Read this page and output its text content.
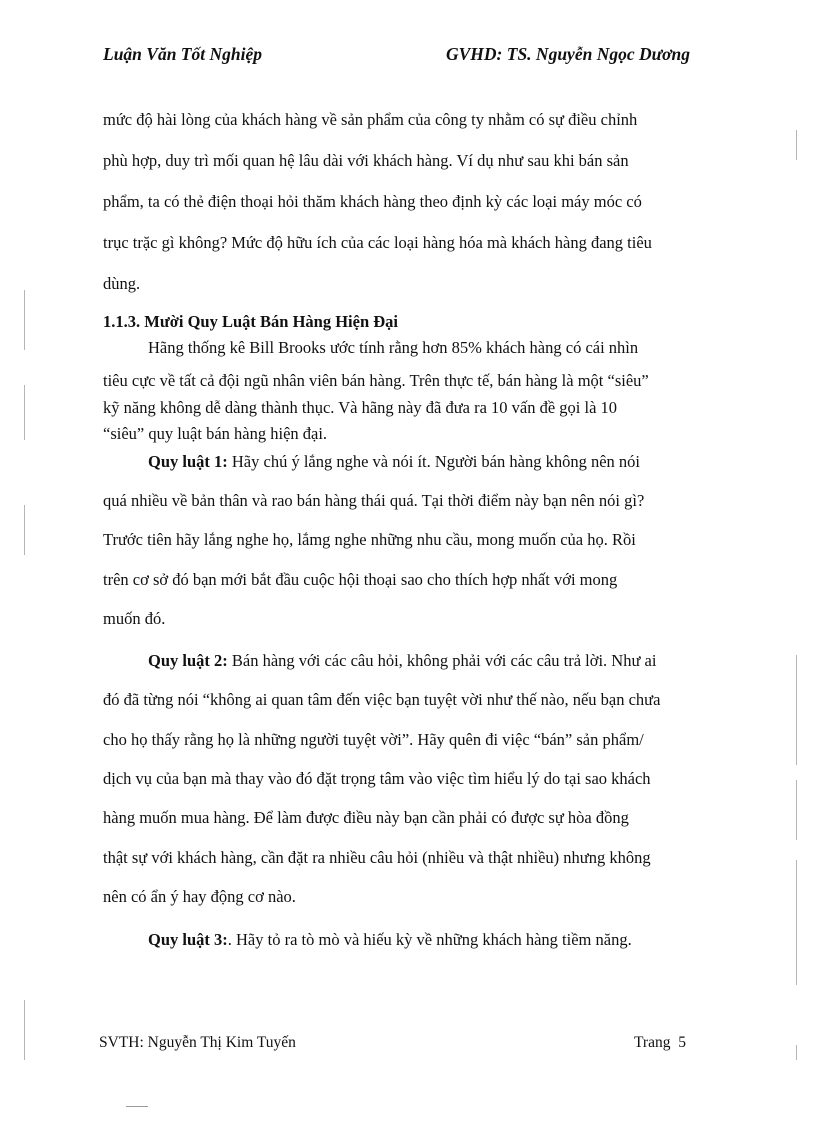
Luận Văn Tốt Nghiệp	GVHD: TS. Nguyễn Ngọc Dương
mức độ hài lòng của khách hàng về sản phẩm của công ty nhằm có sự điều chỉnh
phù hợp, duy trì mối quan hệ lâu dài với khách hàng. Ví dụ như sau khi bán sản
phẩm, ta có thẻ điện thoại hỏi thăm khách hàng theo định kỳ các loại máy móc có
trục trặc gì không? Mức độ hữu ích của các loại hàng hóa mà khách hàng đang tiêu
dùng.
1.1.3. Mười Quy Luật Bán Hàng Hiện Đại
Hãng thống kê Bill Brooks ước tính rằng hơn 85% khách hàng có cái nhìn
tiêu cực về tất cả đội ngũ nhân viên bán hàng. Trên thực tế, bán hàng là một “siêu”
kỹ năng không dễ dàng thành thục. Và hãng này đã đưa ra 10 vấn đề gọi là 10
“siêu” quy luật bán hàng hiện đại.
Quy luật 1: Hãy chú ý lắng nghe và nói ít. Người bán hàng không nên nói
quá nhiều về bản thân và rao bán hàng thái quá. Tại thời điểm này bạn nên nói gì?
Trước tiên hãy lắng nghe họ, lắmg nghe những nhu cầu, mong muốn của họ. Rồi
trên cơ sở đó bạn mới bắt đầu cuộc hội thoại sao cho thích hợp nhất với mong
muốn đó.
Quy luật 2: Bán hàng với các câu hỏi, không phải với các câu trả lời. Như ai
đó đã từng nói “không ai quan tâm đến việc bạn tuyệt vời như thế nào, nếu bạn chưa
cho họ thấy rằng họ là những người tuyệt vời”. Hãy quên đi việc “bán” sản phẩm/
dịch vụ của bạn mà thay vào đó đặt trọng tâm vào việc tìm hiểu lý do tại sao khách
hàng muốn mua hàng. Để làm được điều này bạn cần phải có được sự hòa đồng
thật sự với khách hàng, cần đặt ra nhiều câu hỏi (nhiều và thật nhiều) nhưng không
nên có ẩn ý hay động cơ nào.
Quy luật 3:. Hãy tỏ ra tò mò và hiếu kỳ về những khách hàng tiềm năng.
SVTH: Nguyễn Thị Kim Tuyến	Trang 5
